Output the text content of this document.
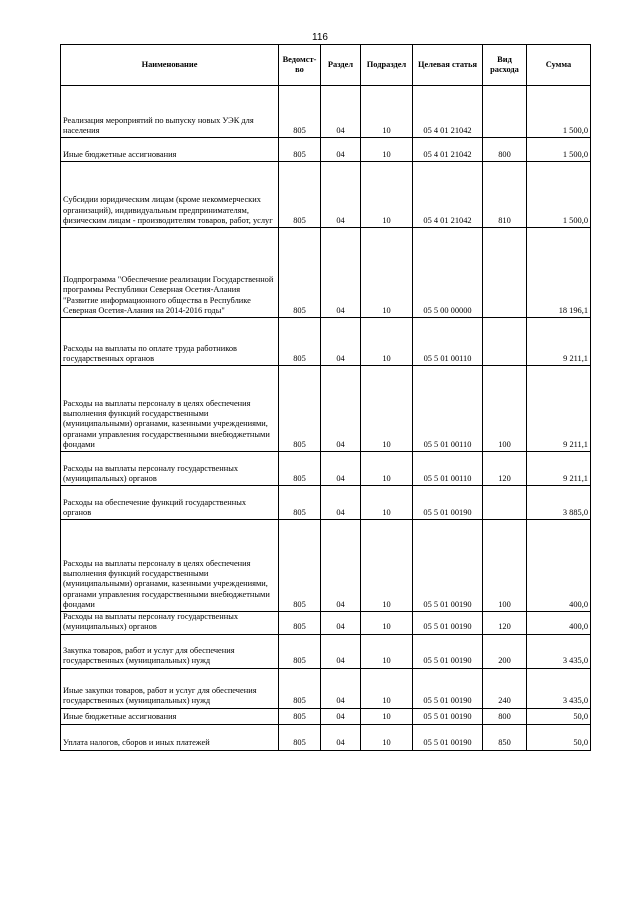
116
Наименование	Ведомст-во	Раздел	Подраздел	Целевая статья	Вид расхода	Сумма
Реализация мероприятий по выпуску новых УЭК для населения	805	04	10	05 4 01 21042		1 500,0
Иные бюджетные ассигнования	805	04	10	05 4 01 21042	800	1 500,0
Субсидии юридическим лицам (кроме некоммерческих организаций), индивидуальным предпринимателям, физическим лицам - производителям товаров, работ, услуг	805	04	10	05 4 01 21042	810	1 500,0
Подпрограмма "Обеспечение реализации Государственной программы Республики Северная Осетия-Алания "Развитие информационного общества в Республике Северная Осетия-Алания на 2014-2016 годы"	805	04	10	05 5 00 00000		18 196,1
Расходы на выплаты по оплате труда работников государственных органов	805	04	10	05 5 01 00110		9 211,1
Расходы на выплаты персоналу в целях обеспечения выполнения функций государственными (муниципальными) органами, казенными учреждениями, органами управления государственными внебюджетными фондами	805	04	10	05 5 01 00110	100	9 211,1
Расходы на выплаты персоналу государственных (муниципальных) органов	805	04	10	05 5 01 00110	120	9 211,1
Расходы на обеспечение функций государственных органов	805	04	10	05 5 01 00190		3 885,0
Расходы на выплаты персоналу в целях обеспечения выполнения функций государственными (муниципальными) органами, казенными учреждениями, органами управления государственными внебюджетными фондами	805	04	10	05 5 01 00190	100	400,0
Расходы на выплаты персоналу государственных (муниципальных) органов	805	04	10	05 5 01 00190	120	400,0
Закупка товаров, работ и услуг для обеспечения государственных (муниципальных) нужд	805	04	10	05 5 01 00190	200	3 435,0
Иные закупки товаров, работ и услуг для обеспечения государственных (муниципальных) нужд	805	04	10	05 5 01 00190	240	3 435,0
Иные бюджетные ассигнования	805	04	10	05 5 01 00190	800	50,0
Уплата налогов, сборов и иных платежей	805	04	10	05 5 01 00190	850	50,0
